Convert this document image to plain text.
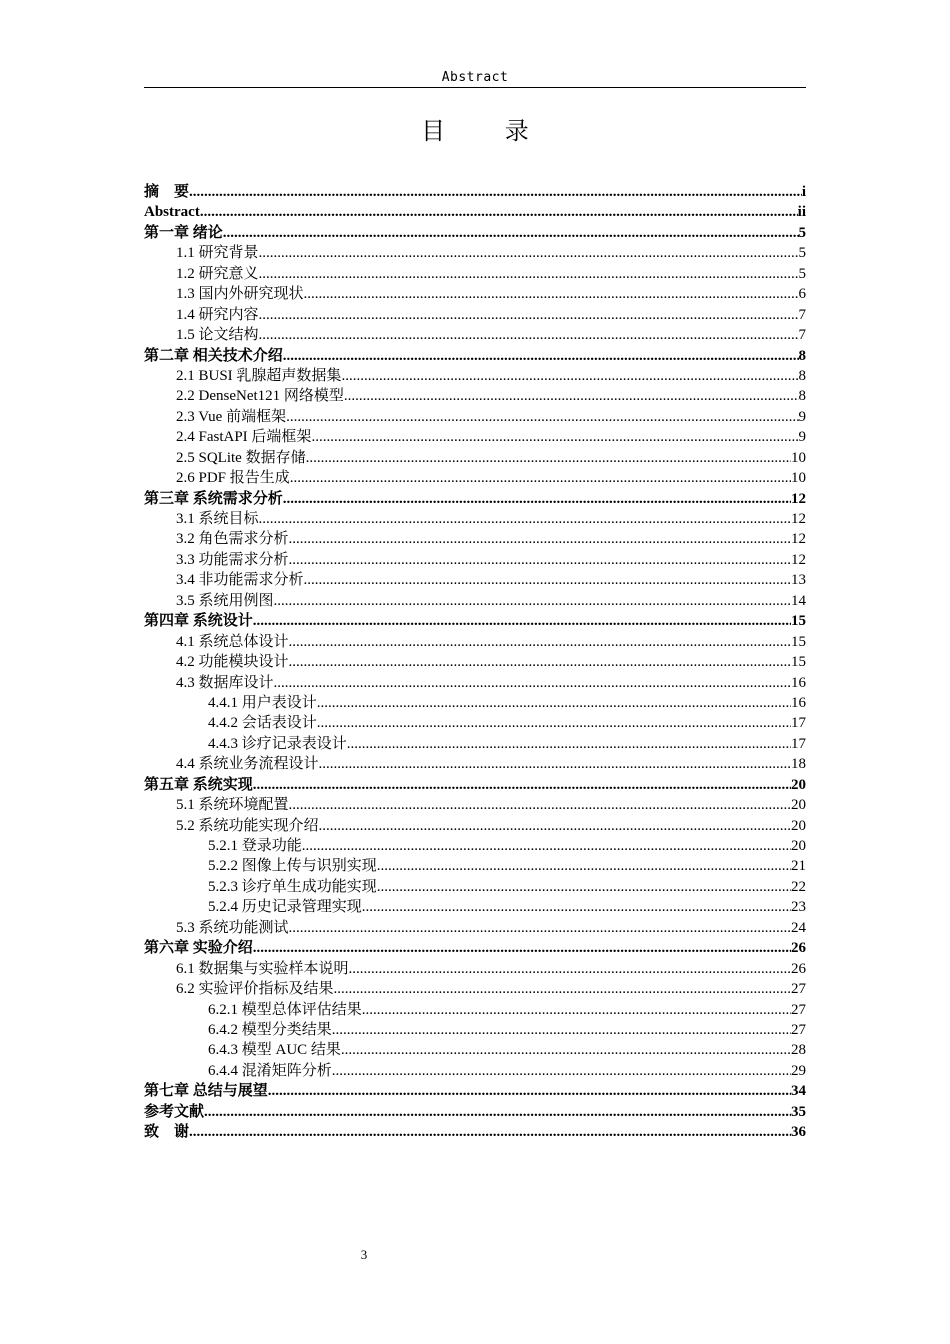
Abstract
目 录
摘　要 .....	i
Abstract .....	ii
第一章 绪论 .....	5
1.1 研究背景 .....	5
1.2 研究意义 .....	5
1.3 国内外研究现状 .....	6
1.4 研究内容 .....	7
1.5 论文结构 .....	7
第二章 相关技术介绍 .....	8
2.1 BUSI 乳腺超声数据集 .....	8
2.2 DenseNet121 网络模型 .....	8
2.3 Vue 前端框架 .....	9
2.4 FastAPI 后端框架 .....	9
2.5 SQLite 数据存储 .....	10
2.6 PDF 报告生成 .....	10
第三章 系统需求分析 .....	12
3.1 系统目标 .....	12
3.2 角色需求分析 .....	12
3.3 功能需求分析 .....	12
3.4 非功能需求分析 .....	13
3.5 系统用例图 .....	14
第四章 系统设计 .....	15
4.1 系统总体设计 .....	15
4.2 功能模块设计 .....	15
4.3 数据库设计 .....	16
4.4.1 用户表设计 .....	16
4.4.2 会话表设计 .....	17
4.4.3 诊疗记录表设计 .....	17
4.4 系统业务流程设计 .....	18
第五章 系统实现 .....	20
5.1 系统环境配置 .....	20
5.2 系统功能实现介绍 .....	20
5.2.1 登录功能 .....	20
5.2.2 图像上传与识别实现 .....	21
5.2.3 诊疗单生成功能实现 .....	22
5.2.4 历史记录管理实现 .....	23
5.3 系统功能测试 .....	24
第六章 实验介绍 .....	26
6.1 数据集与实验样本说明 .....	26
6.2 实验评价指标及结果 .....	27
6.2.1 模型总体评估结果 .....	27
6.4.2 模型分类结果 .....	27
6.4.3 模型 AUC 结果 .....	28
6.4.4 混淆矩阵分析 .....	29
第七章 总结与展望 .....	34
参考文献 .....	35
致　谢 .....	36
3
